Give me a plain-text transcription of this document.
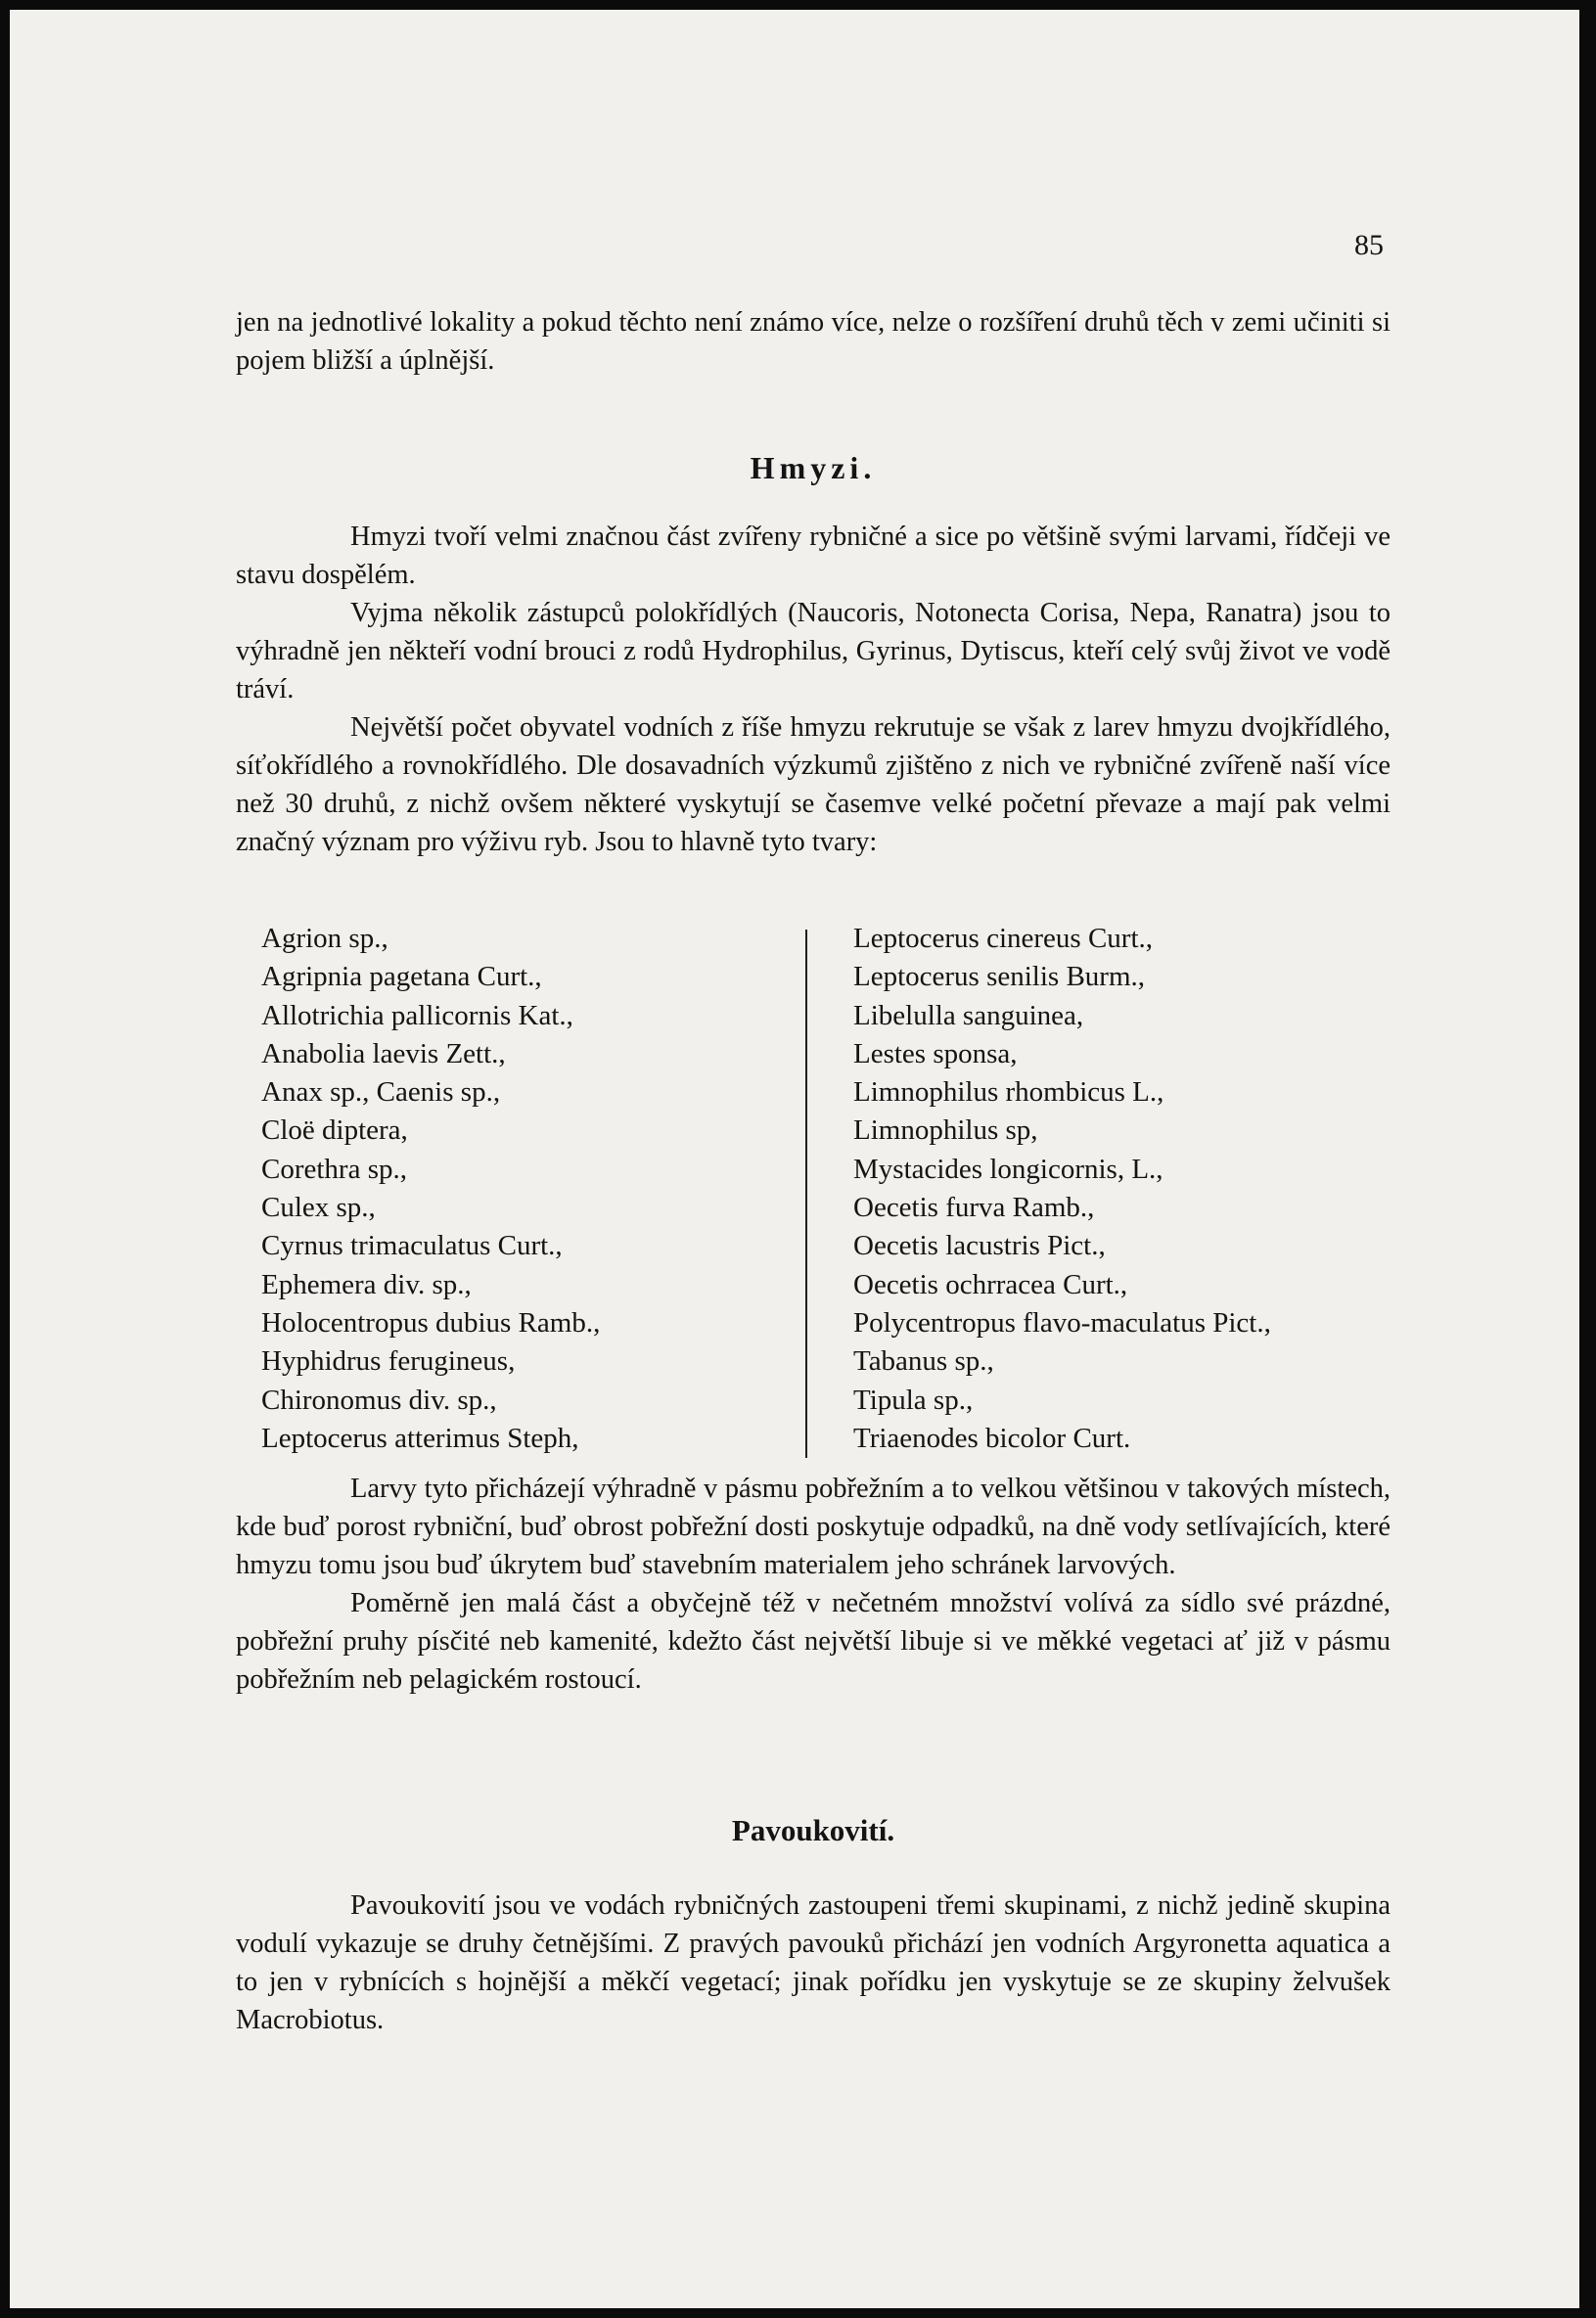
85

jen na jednotlivé lokality a pokud těchto není známo více, nelze o rozšíření druhů těch v zemi učiniti si pojem bližší a úplnější.

Hmyzi.

Hmyzi tvoří velmi značnou část zvířeny rybničné a sice po většině svými larvami, řídčeji ve stavu dospělém.

Vyjma několik zástupců polokřídlých (Naucoris, Notonecta Corisa, Nepa, Ranatra) jsou to výhradně jen někteří vodní brouci z rodů Hydrophilus, Gyrinus, Dytiscus, kteří celý svůj život ve vodě tráví.

Největší počet obyvatel vodních z říše hmyzu rekrutuje se však z larev hmyzu dvojkřídlého, síťokřídlého a rovnokřídlého. Dle dosavadních výzkumů zjištěno z nich ve rybničné zvířeně naší více než 30 druhů, z nichž ovšem některé vyskytují se časemve velké početní převaze a mají pak velmi značný význam pro výživu ryb. Jsou to hlavně tyto tvary:

Agrion sp.,
Agripnia pagetana Curt.,
Allotrichia pallicornis Kat.,
Anabolia laevis Zett.,
Anax sp., Caenis sp.,
Cloë diptera,
Corethra sp.,
Culex sp.,
Cyrnus trimaculatus Curt.,
Ephemera div. sp.,
Holocentropus dubius Ramb.,
Hyphidrus ferugineus,
Chironomus div. sp.,
Leptocerus atterimus Steph,
Leptocerus cinereus Curt.,
Leptocerus senilis Burm.,
Libelulla sanguinea,
Lestes sponsa,
Limnophilus rhombicus L.,
Limnophilus sp,
Mystacides longicornis, L.,
Oecetis furva Ramb.,
Oecetis lacustris Pict.,
Oecetis ochrracea Curt.,
Polycentropus flavo-maculatus Pict.,
Tabanus sp.,
Tipula sp.,
Triaenodes bicolor Curt.

Larvy tyto přicházejí výhradně v pásmu pobřežním a to velkou většinou v takových místech, kde buď porost rybniční, buď obrost pobřežní dosti poskytuje odpadků, na dně vody setlívajících, které hmyzu tomu jsou buď úkrytem buď stavebním materialem jeho schránek larvových.

Poměrně jen malá část a obyčejně též v nečetném množství volívá za sídlo své prázdné, pobřežní pruhy písčité neb kamenité, kdežto část největší libuje si ve měkké vegetaci ať již v pásmu pobřežním neb pelagickém rostoucí.

Pavoukovití.

Pavoukovití jsou ve vodách rybničných zastoupeni třemi skupinami, z nichž jedině skupina vodulí vykazuje se druhy četnějšími. Z pravých pavouků přichází jen vodních Argyronetta aquatica a to jen v rybnících s hojnější a měkčí vegetací; jinak pořídku jen vyskytuje se ze skupiny želvušek Macrobiotus.
